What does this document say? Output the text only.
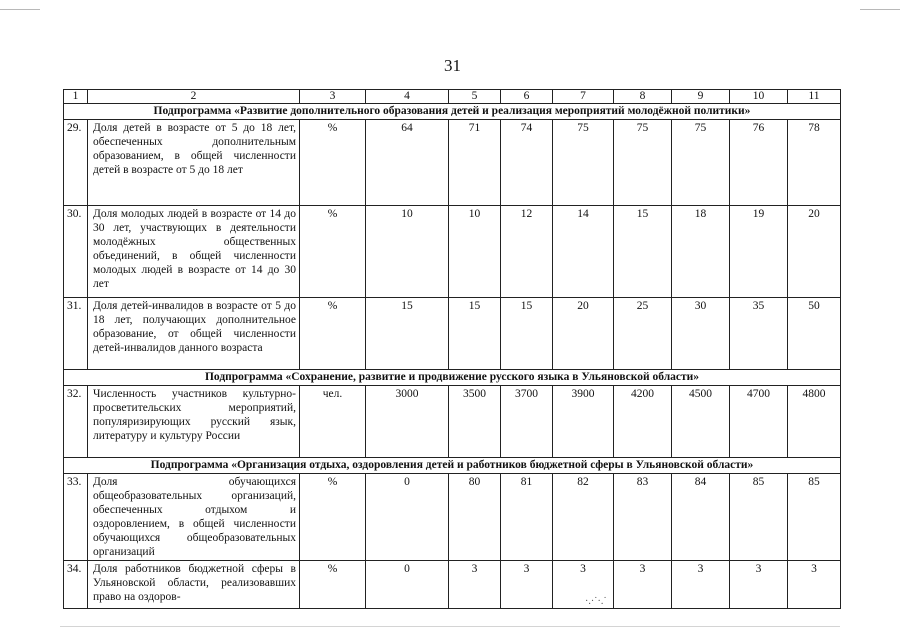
31
1	2	3	4	5	6	7	8	9	10	11
Подпрограмма «Развитие дополнительного образования детей и реализация мероприятий молодёжной политики»										
29.	Доля детей в возрасте от 5 до 18 лет, обеспеченных дополнительным образованием, в общей численности детей в возрасте от 5 до 18 лет	%	64	71	74	75	75	75	76	78
30.	Доля молодых людей в возрасте от 14 до 30 лет, участвующих в деятельности молодёжных общественных объединений, в общей численности молодых людей в возрасте от 14 до 30 лет	%	10	10	12	14	15	18	19	20
31.	Доля детей-инвалидов в возрасте от 5 до 18 лет, получающих дополнительное образование, от общей численности детей-инвалидов данного возраста	%	15	15	15	20	25	30	35	50
Подпрограмма «Сохранение, развитие и продвижение русского языка в Ульяновской области»										
32.	Численность участников культурно-просветительских мероприятий, популяризирующих русский язык, литературу и культуру России	чел.	3000	3500	3700	3900	4200	4500	4700	4800
Подпрограмма «Организация отдыха, оздоровления детей и работников бюджетной сферы в Ульяновской области»										
33.	Доля обучающихся общеобразовательных организаций, обеспеченных отдыхом и оздоровлением, в общей численности обучающихся общеобразовательных организаций	%	0	80	81	82	83	84	85	85
34.	Доля работников бюджетной сферы в Ульяновской области, реализовавших право на оздоров-	%	0	3	3	3	3	3	3	3
·.·˙·.˙
